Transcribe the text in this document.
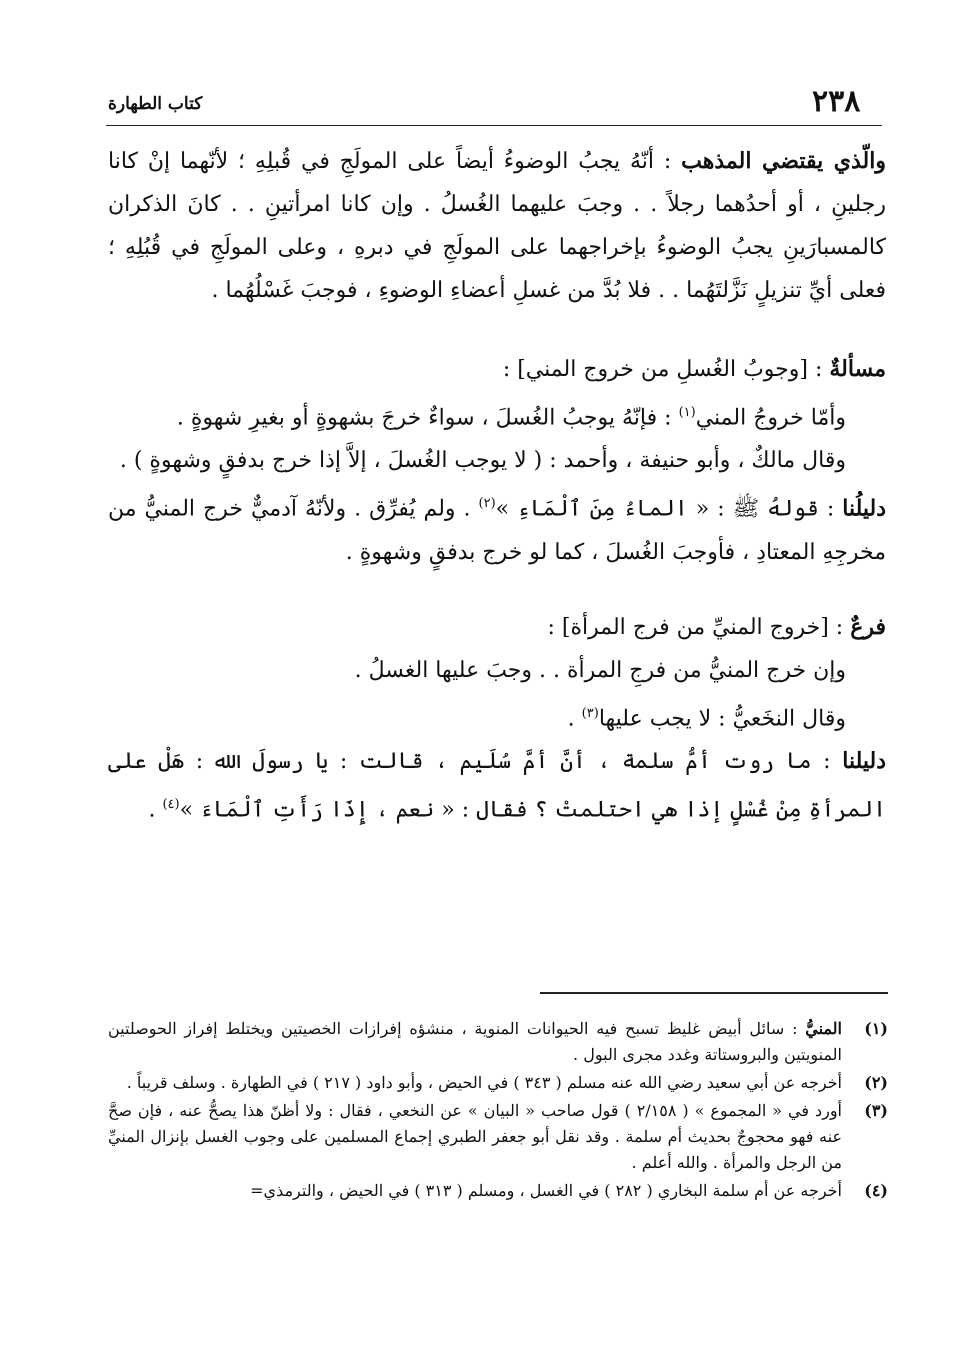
٢٣٨
كتاب الطهارة

والّذي يقتضي المذهب : أنّهُ يجبُ الوضوءُ أيضاً على المولَجِ في قُبلِهِ ؛ لأنّهما إنْ كانا رجلينِ ، أو أحدُهما رجلاً . . وجبَ عليهما الغُسلُ . وإن كانا امرأتينِ . . كانَ الذكران كالمسبارَينِ يجبُ الوضوءُ بإخراجهما على المولَجِ في دبرهِ ، وعلى المولَجِ في قُبُلِهِ ؛ فعلى أيِّ تنزيلٍ نَزَّلتَهُما . . فلا بُدَّ من غسلِ أعضاءِ الوضوءِ ، فوجبَ غَسْلُهُما .

مسألةٌ : [وجوبُ الغُسلِ من خروج المني] :

وأمّا خروجُ المني$^{(١)}$ : فإنّهُ يوجبُ الغُسلَ ، سواءٌ خرجَ بشهوةٍ أو بغيرِ شهوةٍ .

وقال مالكٌ ، وأبو حنيفة ، وأحمد : ( لا يوجب الغُسلَ ، إلاَّ إذا خرج بدفقٍ وشهوةٍ ) .

دليلُنا : قولهُ ﷺ : « الماءُ مِنَ ٱلْمَاءِ »$^{(٢)}$ . ولم يُفرِّق . ولأنّهُ آدميٌّ خرج المنيُّ من مخرجِهِ المعتادِ ، فأوجبَ الغُسلَ ، كما لو خرج بدفقٍ وشهوةٍ .

فرعٌ : [خروج المنيِّ من فرج المرأة] :

وإن خرج المنيُّ من فرجِ المرأة . . وجبَ عليها الغسلُ .

وقال النخَعيُّ : لا يجب عليها$^{(٣)}$ .

دليلنا : ما روت أمُّ سلمة ، أنَّ أمَّ سُلَيم ، قالت : يا رسولَ الله : هَلْ على المرأةِ مِنْ غُسْلٍ إذا هي احتلمتْ ؟ فقال : « نعم ، إِذَا رَأَتِ ٱلْمَاءَ »$^{(٤)}$ .

(١)
المنيُّ : سائل أبيض غليظ تسبح فيه الحيوانات المنوية ، منشؤه إفرازات الخصيتين ويختلط إفراز الحوصلتين المنويتين والبروستاتة وغدد مجرى البول .
(٢)
أخرجه عن أبي سعيد رضي الله عنه مسلم ( ٣٤٣ ) في الحيض ، وأبو داود ( ٢١٧ ) في الطهارة . وسلف قريباً .
(٣)
أورد في « المجموع » ( ٢/١٥٨ ) قول صاحب « البيان » عن النخعي ، فقال : ولا أظنّ هذا يصحُّ عنه ، فإن صحَّ عنه فهو محجوجٌ بحديث أم سلمة . وقد نقل أبو جعفر الطبري إجماع المسلمين على وجوب الغسل بإنزال المنيِّ من الرجل والمرأة . والله أعلم .
(٤)
أخرجه عن أم سلمة البخاري ( ٢٨٢ ) في الغسل ، ومسلم ( ٣١٣ ) في الحيض ، والترمذي=
